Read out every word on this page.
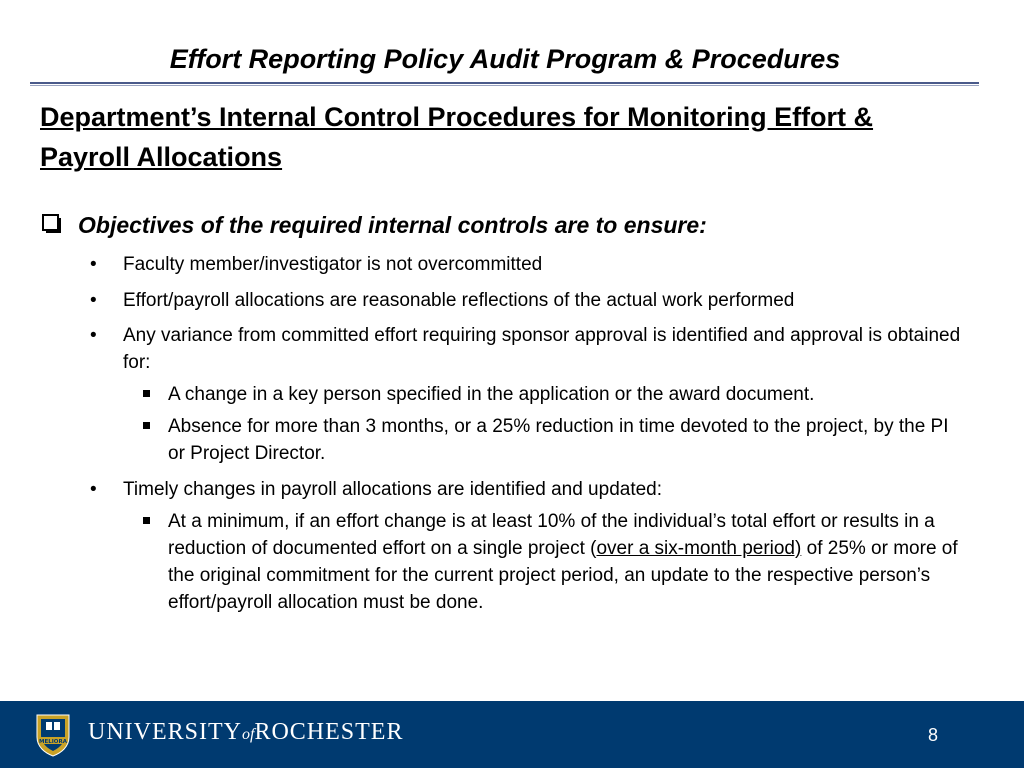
Effort Reporting Policy Audit Program & Procedures
Department’s Internal Control Procedures for Monitoring Effort &
Payroll Allocations
Objectives of the required internal controls are to ensure:
• Faculty member/investigator is not overcommitted
• Effort/payroll allocations are reasonable reflections of the actual work performed
• Any variance from committed effort requiring sponsor approval is identified and approval is obtained for:
A change in a key person specified in the application or the award document.
Absence for more than 3 months, or a 25% reduction in time devoted to the project, by the PI or Project Director.
• Timely changes in payroll allocations are identified and updated:
At a minimum, if an effort change is at least 10% of the individual’s total effort or results in a reduction of documented effort on a single project (over a six-month period) of 25% or more of the original commitment for the current project period, an update to the respective person’s effort/payroll allocation must be done.
MELIORA UNIVERSITYofROCHESTER	8
